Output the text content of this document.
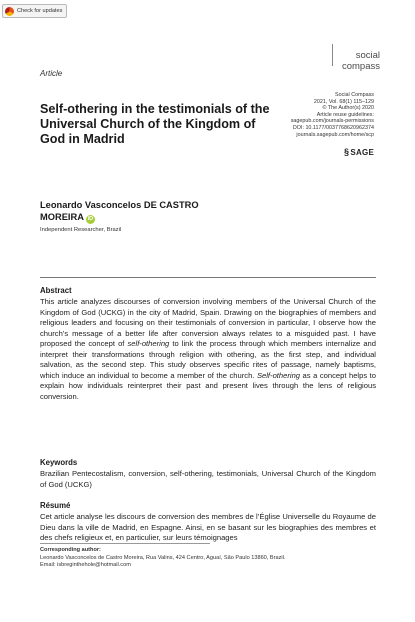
Check for updates
social
compass
Article
Self-othering in the testimonials of the Universal Church of the Kingdom of God in Madrid
Social Compass
2021, Vol. 68(1) 115–129
© The Author(s) 2020
Article reuse guidelines:
sagepub.com/journals-permissions
DOI: 10.1177/0037768620962374
journals.sagepub.com/home/scp
§SAGE
Leonardo Vasconcelos DE CASTRO
MOREIRA iD
Independent Researcher, Brazil
Abstract

This article analyzes discourses of conversion involving members of the Universal Church of the Kingdom of God (UCKG) in the city of Madrid, Spain. Drawing on the biographies of members and religious leaders and focusing on their testimonials of conversion in particular, I observe how the church’s message of a better life after conversion always relates to a misguided past. I have proposed the concept of self-othering to link the process through which members internalize and interpret their transformations through religion with othering, as the first step, and individual salvation, as the second step. This study observes specific rites of passage, namely baptisms, which induce an individual to become a member of the church. Self-othering as a concept helps to explain how individuals reinterpret their past and present lives through the lens of religious conversion.

Keywords

Brazilian Pentecostalism, conversion, self-othering, testimonials, Universal Church of the Kingdom of God (UCKG)

Résumé

Cet article analyse les discours de conversion des membres de l’Église Universelle du Royaume de Dieu dans la ville de Madrid, en Espagne. Ainsi, en se basant sur les biographies des membres et des chefs religieux et, en particulier, sur leurs témoignages

Corresponding author:
Leonardo Vasconcelos de Castro Moreira, Rua Valins, 424 Centro, Aguaí, São Paulo 13860, Brazil.
Email: isbreginthehole@hotmail.com
